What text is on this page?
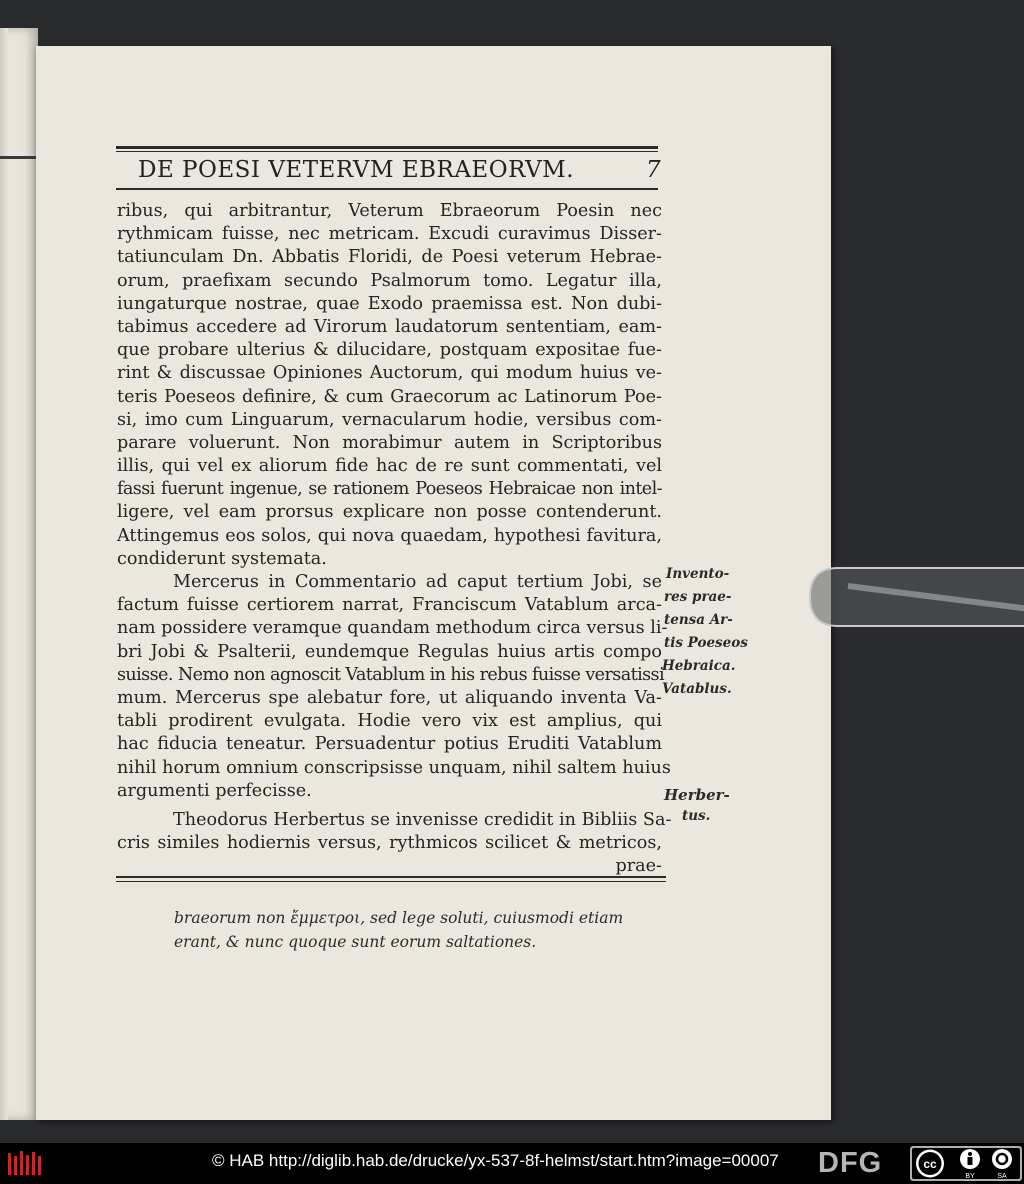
DE POESI VETERVM EBRAEORVM.	7
ribus, qui arbitrantur, Veterum Ebraeorum Poesin nec
rythmicam fuisse, nec metricam. Excudi curavimus Disser-
tatiunculam Dn. Abbatis Floridi, de Poesi veterum Hebrae-
orum, praefixam secundo Psalmorum tomo. Legatur illa,
iungaturque nostrae, quae Exodo praemissa est. Non dubi-
tabimus accedere ad Virorum laudatorum sententiam, eam-
que probare ulterius & dilucidare, postquam expositae fue-
rint & discussae Opiniones Auctorum, qui modum huius ve-
teris Poeseos definire, & cum Graecorum ac Latinorum Poe-
si, imo cum Linguarum, vernacularum hodie, versibus com-
parare voluerunt. Non morabimur autem in Scriptoribus
illis, qui vel ex aliorum fide hac de re sunt commentati, vel
fassi fuerunt ingenue, se rationem Poeseos Hebraicae non intel-
ligere, vel eam prorsus explicare non posse contenderunt.
Attingemus eos solos, qui nova quaedam, hypothesi favitura,
condiderunt systemata.
Mercerus in Commentario ad caput tertium Jobi, se
factum fuisse certiorem narrat, Franciscum Vatablum arca-
nam possidere veramque quandam methodum circa versus li-
bri Jobi & Psalterii, eundemque Regulas huius artis compo
suisse. Nemo non agnoscit Vatablum in his rebus fuisse versatissi
mum. Mercerus spe alebatur fore, ut aliquando inventa Va-
tabli prodirent evulgata. Hodie vero vix est amplius, qui
hac fiducia teneatur. Persuadentur potius Eruditi Vatablum
nihil horum omnium conscripsisse unquam, nihil saltem huius
argumenti perfecisse.
Theodorus Herbertus se invenisse credidit in Bibliis Sa-
cris similes hodiernis versus, rythmicos scilicet & metricos,
prae-
Invento-
res prae-
tensa Ar-
tis Poeseos
Hebraica.
Vatablus.
Herber-
tus.
braeorum non ἔμμετροι, sed lege soluti, cuiusmodi etiam
erant, & nunc quoque sunt eorum saltationes.
© HAB http://diglib.hab.de/drucke/yx-537-8f-helmst/start.htm?image=00007 DFG	cc
BY	SA
